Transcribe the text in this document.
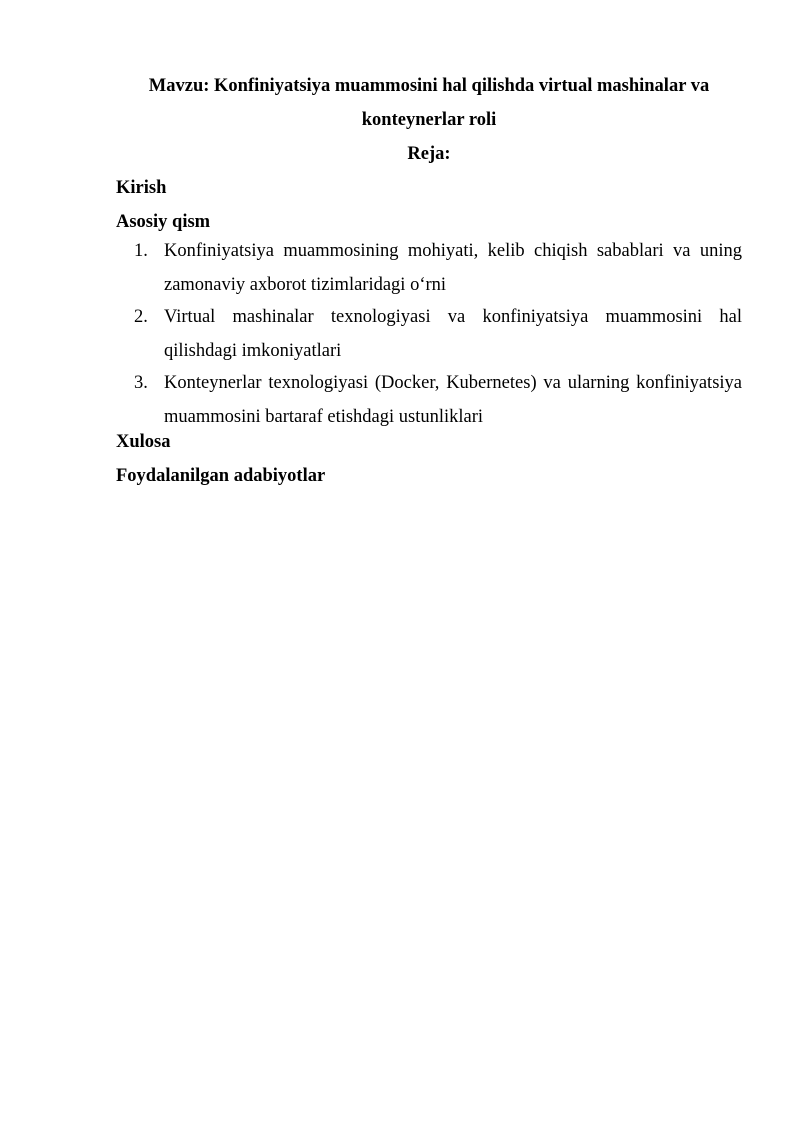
Mavzu: Konfiniyatsiya muammosini hal qilishda virtual mashinalar va
konteynerlar roli
Reja:
Kirish
Asosiy qism
1. Konfiniyatsiya muammosining mohiyati, kelib chiqish sabablari va uning zamonaviy axborot tizimlaridagi o‘rni
2. Virtual mashinalar texnologiyasi va konfiniyatsiya muammosini hal qilishdagi imkoniyatlari
3. Konteynerlar texnologiyasi (Docker, Kubernetes) va ularning konfiniyatsiya muammosini bartaraf etishdagi ustunliklari
Xulosa
Foydalanilgan adabiyotlar
